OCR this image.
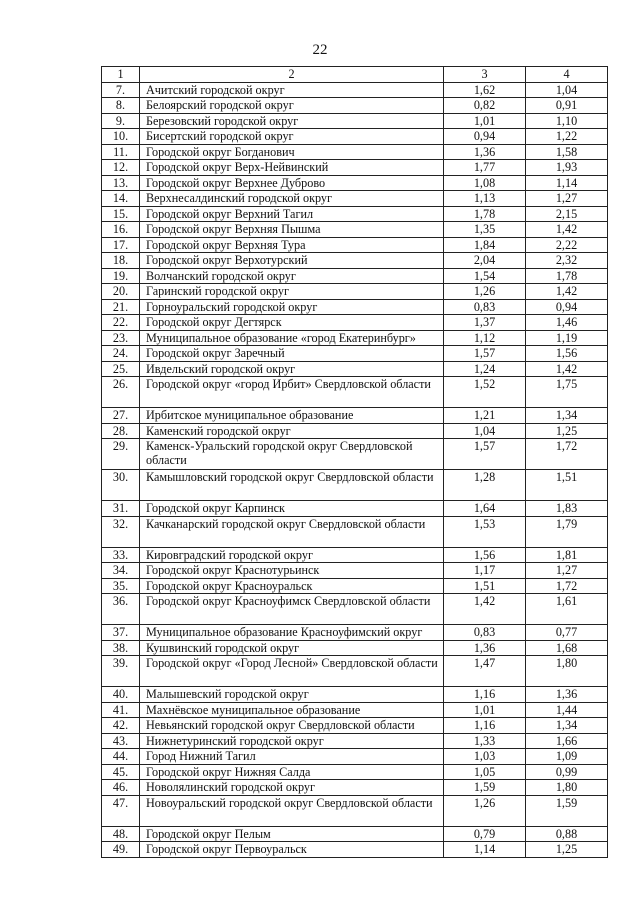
22
1	2	3	4
7.	Ачитский городской округ	1,62	1,04
8.	Белоярский городской округ	0,82	0,91
9.	Березовский городской округ	1,01	1,10
10.	Бисертский городской округ	0,94	1,22
11.	Городской округ Богданович	1,36	1,58
12.	Городской округ Верх-Нейвинский	1,77	1,93
13.	Городской округ Верхнее Дуброво	1,08	1,14
14.	Верхнесалдинский городской округ	1,13	1,27
15.	Городской округ Верхний Тагил	1,78	2,15
16.	Городской округ Верхняя Пышма	1,35	1,42
17.	Городской округ Верхняя Тура	1,84	2,22
18.	Городской округ Верхотурский	2,04	2,32
19.	Волчанский городской округ	1,54	1,78
20.	Гаринский городской округ	1,26	1,42
21.	Горноуральский городской округ	0,83	0,94
22.	Городской округ Дегтярск	1,37	1,46
23.	Муниципальное образование «город Екатеринбург»	1,12	1,19
24.	Городской округ Заречный	1,57	1,56
25.	Ивдельский городской округ	1,24	1,42
26.	Городской округ «город Ирбит» Свердловской области	1,52	1,75
27.	Ирбитское муниципальное образование	1,21	1,34
28.	Каменский городской округ	1,04	1,25
29.	Каменск-Уральский городской округ Свердловской области	1,57	1,72
30.	Камышловский городской округ Свердловской области	1,28	1,51
31.	Городской округ Карпинск	1,64	1,83
32.	Качканарский городской округ Свердловской области	1,53	1,79
33.	Кировградский городской округ	1,56	1,81
34.	Городской округ Краснотурьинск	1,17	1,27
35.	Городской округ Красноуральск	1,51	1,72
36.	Городской округ Красноуфимск Свердловской области	1,42	1,61
37.	Муниципальное образование Красноуфимский округ	0,83	0,77
38.	Кушвинский городской округ	1,36	1,68
39.	Городской округ «Город Лесной» Свердловской области	1,47	1,80
40.	Малышевский городской округ	1,16	1,36
41.	Махнёвское муниципальное образование	1,01	1,44
42.	Невьянский городской округ Свердловской области	1,16	1,34
43.	Нижнетуринский городской округ	1,33	1,66
44.	Город Нижний Тагил	1,03	1,09
45.	Городской округ Нижняя Салда	1,05	0,99
46.	Новолялинский городской округ	1,59	1,80
47.	Новоуральский городской округ Свердловской области	1,26	1,59
48.	Городской округ Пелым	0,79	0,88
49.	Городской округ Первоуральск	1,14	1,25
